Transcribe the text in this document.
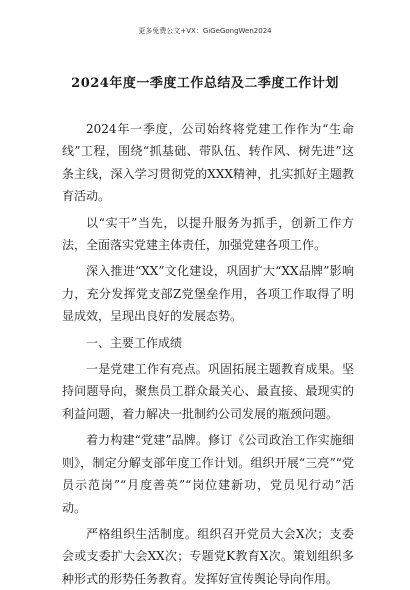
更多免费公文+VX：GiGeGongWen2024
2024年度一季度工作总结及二季度工作计划

2024年一季度，公司始终将党建工作作为“生命线”工程，围绕“抓基础、带队伍、转作风、树先进”这条主线，深入学习贯彻党的XXX精神，扎实抓好主题教育活动。

以“实干”当先，以提升服务为抓手，创新工作方法，全面落实党建主体责任，加强党建各项工作。

深入推进“XX”文化建设，巩固扩大“XX品牌”影响力，充分发挥党支部Z党堡垒作用，各项工作取得了明显成效，呈现出良好的发展态势。

一、主要工作成绩

一是党建工作有亮点。巩固拓展主题教育成果。坚持问题导向，聚焦员工群众最关心、最直接、最现实的利益问题，着力解决一批制约公司发展的瓶颈问题。

着力构建“党建”品牌。修订《公司政治工作实施细则》，制定分解支部年度工作计划。组织开展“三亮”“党员示范岗”“月度善英”“岗位建新功，党员见行动”活动。

严格组织生活制度。组织召开党员大会X次；支委会或支委扩大会XX次；专题党K教育X次。策划组织多种形式的形势任务教育。发挥好宣传舆论导向作用。
